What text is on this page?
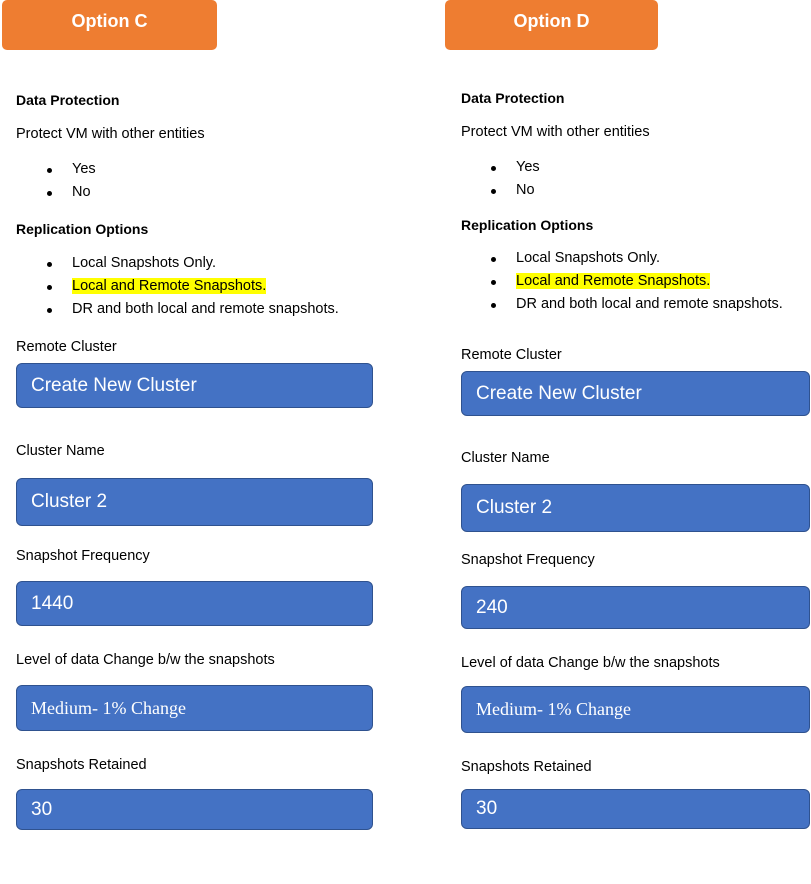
Option C
Data Protection
Protect VM with other entities
Yes
No
Replication Options
Local Snapshots Only.
Local and Remote Snapshots.
DR and both local and remote snapshots.
Remote Cluster
Create New Cluster
Cluster Name
Cluster 2
Snapshot Frequency
1440
Level of data Change b/w the snapshots
Medium- 1% Change
Snapshots Retained
30
Option D
Data Protection
Protect VM with other entities
Yes
No
Replication Options
Local Snapshots Only.
Local and Remote Snapshots.
DR and both local and remote snapshots.
Remote Cluster
Create New Cluster
Cluster Name
Cluster 2
Snapshot Frequency
240
Level of data Change b/w the snapshots
Medium- 1% Change
Snapshots Retained
30
